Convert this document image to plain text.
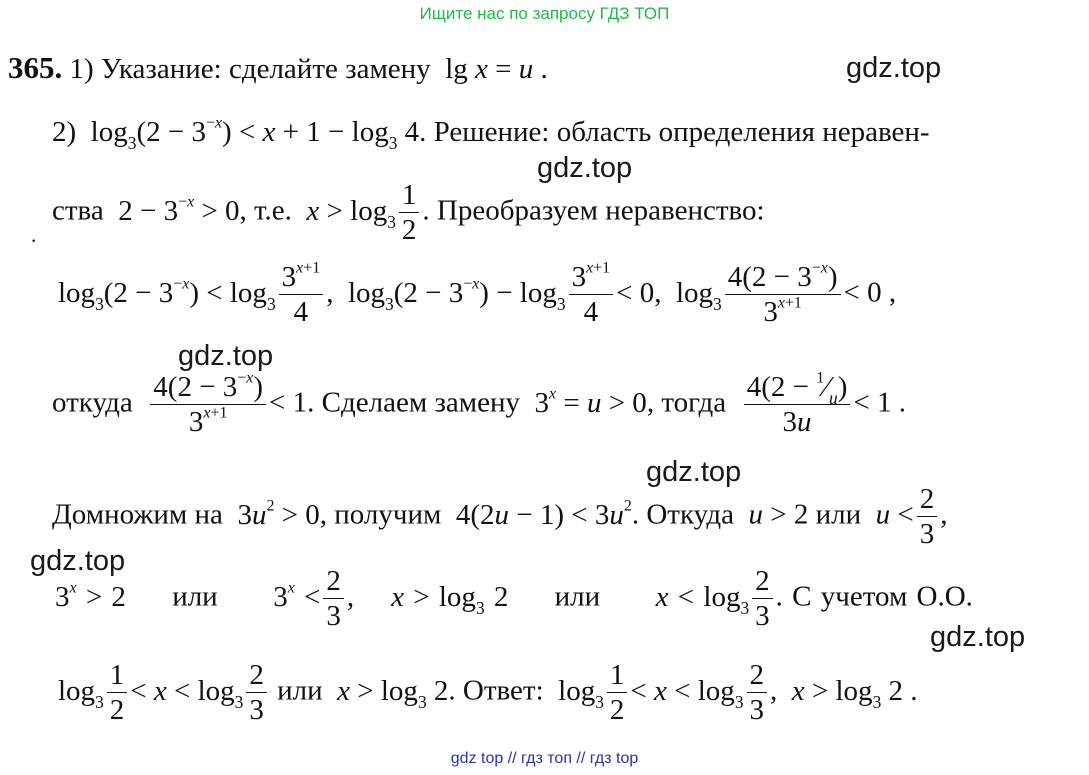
Ищите нас по запросу ГДЗ ТОП
gdz.top
gdz.top
gdz.top
gdz.top
gdz.top
gdz.top
365. 1) Указание: сделайте замену  lg x = u .
2) $\log_3(2 - 3^{-x}) < x + 1 - \log_3 4$. Решение: область определения неравен-
ства  $2 - 3^{-x} > 0$, т.е. $x > \log_3 \frac{1}{2}$ . Преобразуем неравенство:
·
$\log_3(2 - 3^{-x}) < \log_3 \frac{3^{x+1}}{4}$ ,  $\log_3(2 - 3^{-x}) - \log_3 \frac{3^{x+1}}{4} < 0$,  $\log_3 \frac{4(2 - 3^{-x})}{3^{x+1}} < 0$ ,
откуда $\frac{4(2 - 3^{-x})}{3^{x+1}} < 1$. Сделаем замену  $3^x = u > 0$, тогда $\frac{4(2 - ^1⁄_u)}{3u} < 1$ .
Домножим на  $3u^2 > 0$, получим  $4(2u - 1) < 3u^2$. Откуда u > 2 или $u < \frac{2}{3}$ ,
$3^x > 2$     или      $3^x < \frac{2}{3}$ ,    $x > \log_3 2$     или $x < \log_3 \frac{2}{3}$ . С учетом О.О.
$\log_3 \frac{1}{2} < x < \log_3 \frac{2}{3}$ или $x > \log_3 2$. Ответ:  $\log_3 \frac{1}{2} < x < \log_3 \frac{2}{3}$ , $x > \log_3 2$ .
gdz top // гдз топ // гдз top
